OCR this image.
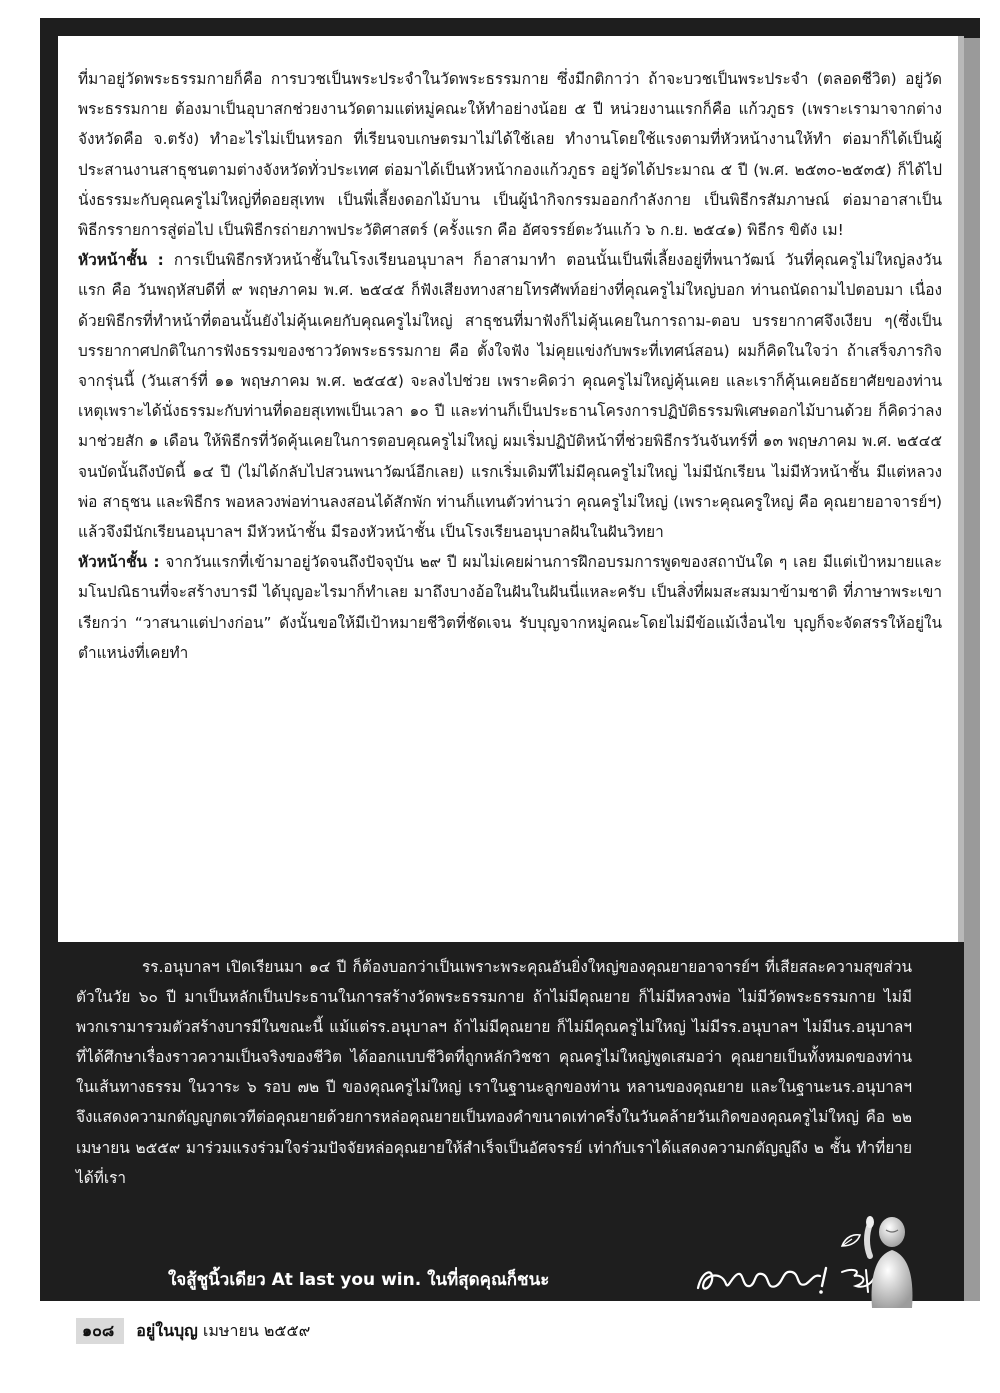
ที่มาอยู่วัดพระธรรมกายก็คือ การบวชเป็นพระประจำในวัดพระธรรมกาย ซึ่งมีกติกาว่า ถ้าจะบวชเป็นพระประจำ (ตลอดชีวิต) อยู่วัดพระธรรมกาย ต้องมาเป็นอุบาสกช่วยงานวัดตามแต่หมู่คณะให้ทำอย่างน้อย ๕ ปี หน่วยงานแรกก็คือ แก้วภูธร (เพราะเรามาจากต่างจังหวัดคือ จ.ตรัง) ทำอะไรไม่เป็นหรอก ที่เรียนจบเกษตรมาไม่ได้ใช้เลย ทำงานโดยใช้แรงตามที่หัวหน้างานให้ทำ ต่อมาก็ได้เป็นผู้ประสานงานสาธุชนตามต่างจังหวัดทั่วประเทศ ต่อมาได้เป็นหัวหน้ากองแก้วภูธร อยู่วัดได้ประมาณ ๕ ปี (พ.ศ. ๒๕๓๐-๒๕๓๕) ก็ได้ไปนั่งธรรมะกับคุณครูไม่ใหญ่ที่ดอยสุเทพ เป็นพี่เลี้ยงดอกไม้บาน เป็นผู้นำกิจกรรมออกกำลังกาย เป็นพิธีกรสัมภาษณ์ ต่อมาอาสาเป็นพิธีกรรายการสู่ต่อไป เป็นพิธีกรถ่ายภาพประวัติศาสตร์ (ครั้งแรก คือ อัศจรรย์ตะวันแก้ว ๖ ก.ย. ๒๕๔๑) พิธีกร ขิตัง เม!

หัวหน้าชั้น : การเป็นพิธีกรหัวหน้าชั้นในโรงเรียนอนุบาลฯ ก็อาสามาทำ ตอนนั้นเป็นพี่เลี้ยงอยู่ที่พนาวัฒน์ วันที่คุณครูไม่ใหญ่ลงวันแรก คือ วันพฤหัสบดีที่ ๙ พฤษภาคม พ.ศ. ๒๕๔๕ ก็ฟังเสียงทางสายโทรศัพท์อย่างที่คุณครูไม่ใหญ่บอก ท่านถนัดถามไปตอบมา เนื่องด้วยพิธีกรที่ทำหน้าที่ตอนนั้นยังไม่คุ้นเคยกับคุณครูไม่ใหญ่ สาธุชนที่มาฟังก็ไม่คุ้นเคยในการถาม-ตอบ บรรยากาศจึงเงียบ ๆ(ซึ่งเป็นบรรยากาศปกติในการฟังธรรมของชาววัดพระธรรมกาย คือ ตั้งใจฟัง ไม่คุยแข่งกับพระที่เทศน์สอน) ผมก็คิดในใจว่า ถ้าเสร็จภารกิจจากรุ่นนี้ (วันเสาร์ที่ ๑๑ พฤษภาคม พ.ศ. ๒๕๔๕) จะลงไปช่วย เพราะคิดว่า คุณครูไม่ใหญ่คุ้นเคย และเราก็คุ้นเคยอัธยาศัยของท่าน เหตุเพราะได้นั่งธรรมะกับท่านที่ดอยสุเทพเป็นเวลา ๑๐ ปี และท่านก็เป็นประธานโครงการปฏิบัติธรรมพิเศษดอกไม้บานด้วย ก็คิดว่าลงมาช่วยสัก ๑ เดือน ให้พิธีกรที่วัดคุ้นเคยในการตอบคุณครูไม่ใหญ่ ผมเริ่มปฏิบัติหน้าที่ช่วยพิธีกรวันจันทร์ที่ ๑๓ พฤษภาคม พ.ศ. ๒๕๔๕ จนบัดนั้นถึงบัดนี้ ๑๔ ปี (ไม่ได้กลับไปสวนพนาวัฒน์อีกเลย) แรกเริ่มเดิมทีไม่มีคุณครูไม่ใหญ่ ไม่มีนักเรียน ไม่มีหัวหน้าชั้น มีแต่หลวงพ่อ สาธุชน และพิธีกร พอหลวงพ่อท่านลงสอนได้สักพัก ท่านก็แทนตัวท่านว่า คุณครูไม่ใหญ่ (เพราะคุณครูใหญ่ คือ คุณยายอาจารย์ฯ) แล้วจึงมีนักเรียนอนุบาลฯ มีหัวหน้าชั้น มีรองหัวหน้าชั้น เป็นโรงเรียนอนุบาลฝันในฝันวิทยา

หัวหน้าชั้น : จากวันแรกที่เข้ามาอยู่วัดจนถึงปัจจุบัน ๒๙ ปี ผมไม่เคยผ่านการฝึกอบรมการพูดของสถาบันใด ๆ เลย มีแต่เป้าหมายและมโนปณิธานที่จะสร้างบารมี ได้บุญอะไรมาก็ทำเลย มาถึงบางอ้อในฝันในฝันนี่แหละครับ เป็นสิ่งที่ผมสะสมมาข้ามชาติ ที่ภาษาพระเขาเรียกว่า “วาสนาแต่ปางก่อน” ดังนั้นขอให้มีเป้าหมายชีวิตที่ชัดเจน รับบุญจากหมู่คณะโดยไม่มีข้อแม้เงื่อนไข บุญก็จะจัดสรรให้อยู่ในตำแหน่งที่เคยทำ

รร.อนุบาลฯ เปิดเรียนมา ๑๔ ปี ก็ต้องบอกว่าเป็นเพราะพระคุณอันยิ่งใหญ่ของคุณยายอาจารย์ฯ ที่เสียสละความสุขส่วนตัวในวัย ๖๐ ปี มาเป็นหลักเป็นประธานในการสร้างวัดพระธรรมกาย ถ้าไม่มีคุณยาย ก็ไม่มีหลวงพ่อ ไม่มีวัดพระธรรมกาย ไม่มีพวกเรามารวมตัวสร้างบารมีในขณะนี้ แม้แต่รร.อนุบาลฯ ถ้าไม่มีคุณยาย ก็ไม่มีคุณครูไม่ใหญ่ ไม่มีรร.อนุบาลฯ ไม่มีนร.อนุบาลฯ ที่ได้ศึกษาเรื่องราวความเป็นจริงของชีวิต ได้ออกแบบชีวิตที่ถูกหลักวิชชา คุณครูไม่ใหญ่พูดเสมอว่า คุณยายเป็นทั้งหมดของท่านในเส้นทางธรรม ในวาระ ๖ รอบ ๗๒ ปี ของคุณครูไม่ใหญ่ เราในฐานะลูกของท่าน หลานของคุณยาย และในฐานะนร.อนุบาลฯ จึงแสดงความกตัญญูกตเวทีต่อคุณยายด้วยการหล่อคุณยายเป็นทองคำขนาดเท่าครึ่งในวันคล้ายวันเกิดของคุณครูไม่ใหญ่ คือ ๒๒ เมษายน ๒๕๕๙ มาร่วมแรงร่วมใจร่วมปัจจัยหล่อคุณยายให้สำเร็จเป็นอัศจรรย์ เท่ากับเราได้แสดงความกตัญญูถึง ๒ ชั้น ทำที่ยาย ได้ที่เรา

ใจสู้ชูนิ้วเดียว At last you win. ในที่สุดคุณก็ชนะ
๑๐๘	อยู่ในบุญ เมษายน ๒๕๕๙
